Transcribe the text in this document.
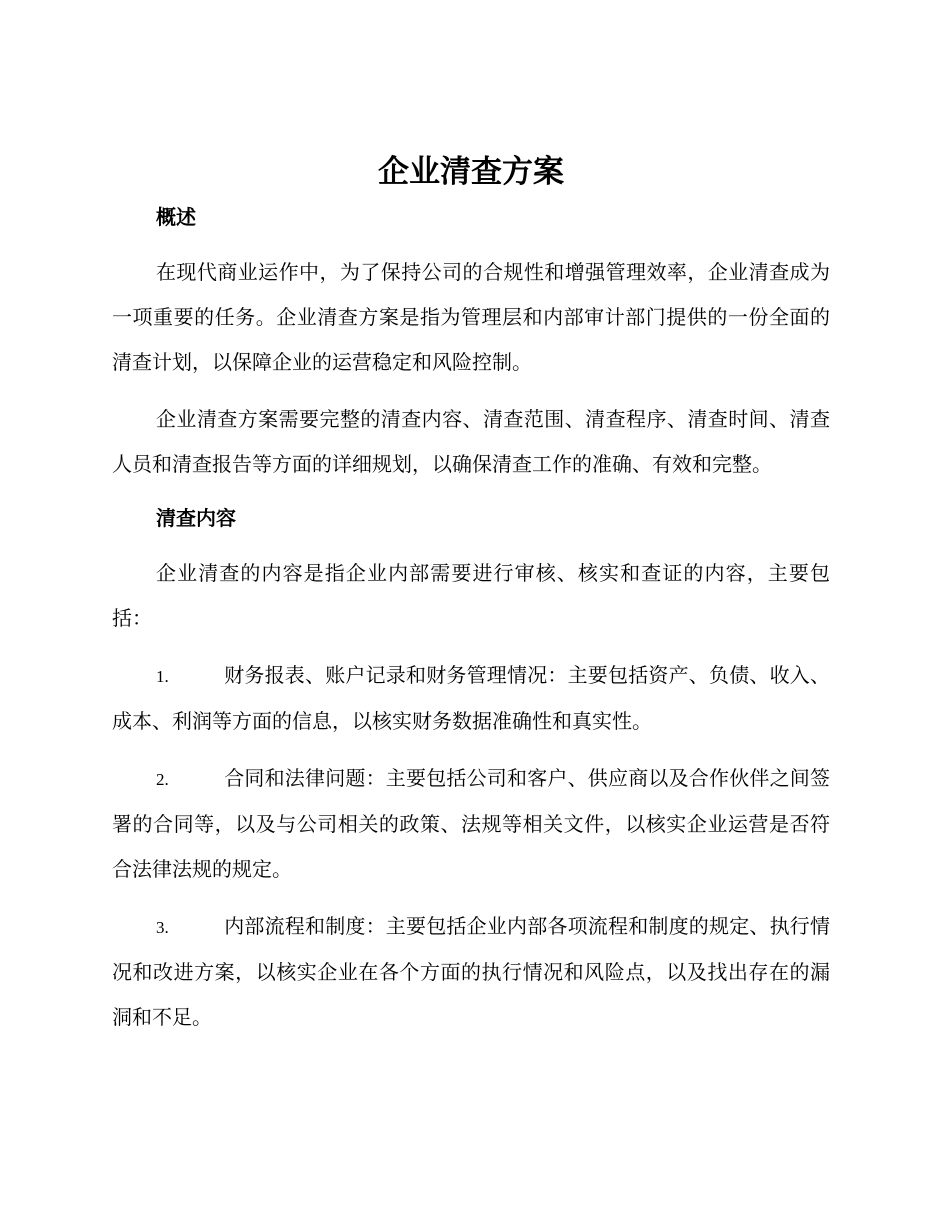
企业清查方案
概述

在现代商业运作中，为了保持公司的合规性和增强管理效率，企业清查成为一项重要的任务。企业清查方案是指为管理层和内部审计部门提供的一份全面的清查计划，以保障企业的运营稳定和风险控制。

企业清查方案需要完整的清查内容、清查范围、清查程序、清查时间、清查人员和清查报告等方面的详细规划，以确保清查工作的准确、有效和完整。

清查内容

企业清查的内容是指企业内部需要进行审核、核实和查证的内容，主要包括：

1.	财务报表、账户记录和财务管理情况：主要包括资产、负债、收入、成本、利润等方面的信息，以核实财务数据准确性和真实性。

2.	合同和法律问题：主要包括公司和客户、供应商以及合作伙伴之间签署的合同等，以及与公司相关的政策、法规等相关文件，以核实企业运营是否符合法律法规的规定。

3.	内部流程和制度：主要包括企业内部各项流程和制度的规定、执行情况和改进方案，以核实企业在各个方面的执行情况和风险点，以及找出存在的漏洞和不足。
